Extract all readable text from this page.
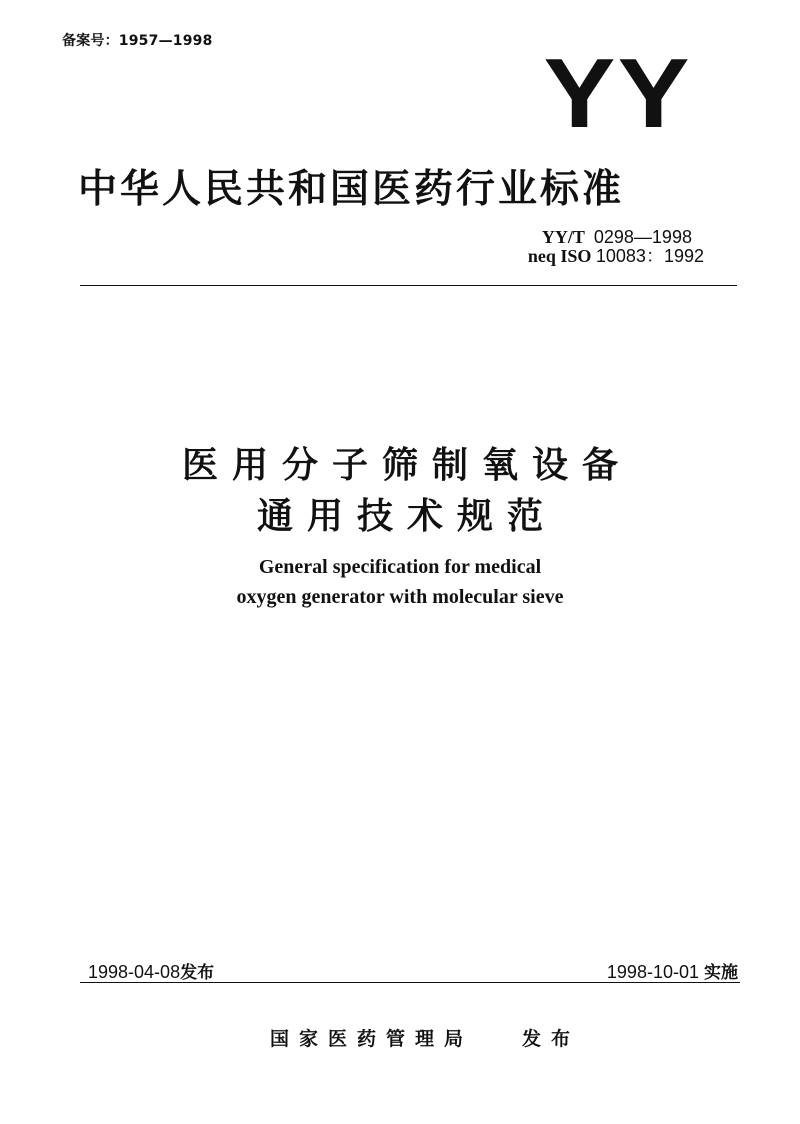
备案号：1957—1998	YY
中华人民共和国医药行业标准
YY/T 0298—1998
neq ISO 10083：1992
医用分子筛制氧设备
通用技术规范
General specification for medical
oxygen generator with molecular sieve
1998-04-08发布	1998-10-01 实施
国家医药管理局	发布
